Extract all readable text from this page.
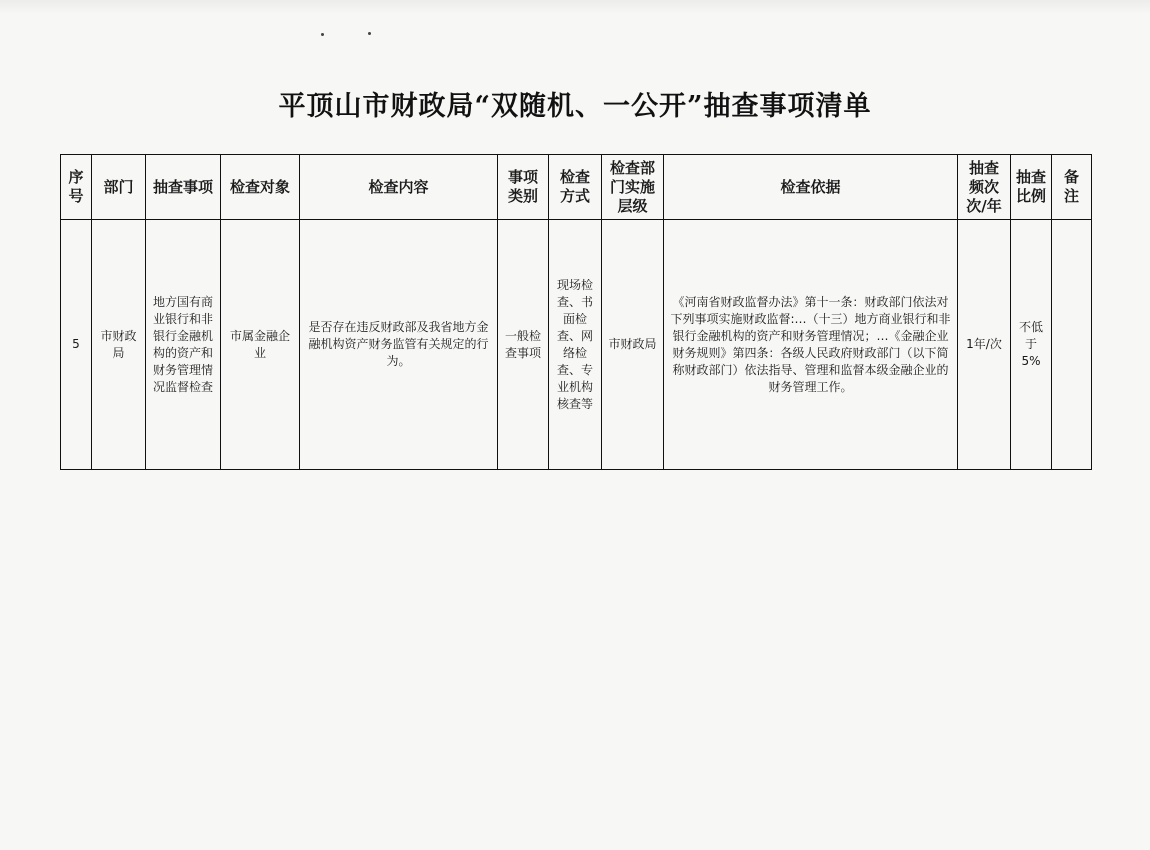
平顶山市财政局“双随机、一公开”抽查事项清单
序号	部门	抽查事项	检查对象	检查内容	事项类别	检查方式	检查部门实施层级	检查依据	抽查频次次/年	抽查比例	备注
5	市财政局	地方国有商业银行和非银行金融机构的资产和财务管理情况监督检查	市属金融企业	是否存在违反财政部及我省地方金融机构资产财务监管有关规定的行为。	一般检查事项	现场检查、书面检查、网络检查、专业机构核查等	市财政局	《河南省财政监督办法》第十一条：财政部门依法对下列事项实施财政监督:…（十三）地方商业银行和非银行金融机构的资产和财务管理情况；…《金融企业财务规则》第四条：各级人民政府财政部门（以下简称财政部门）依法指导、管理和监督本级金融企业的财务管理工作。	1年/次	不低于5%	
